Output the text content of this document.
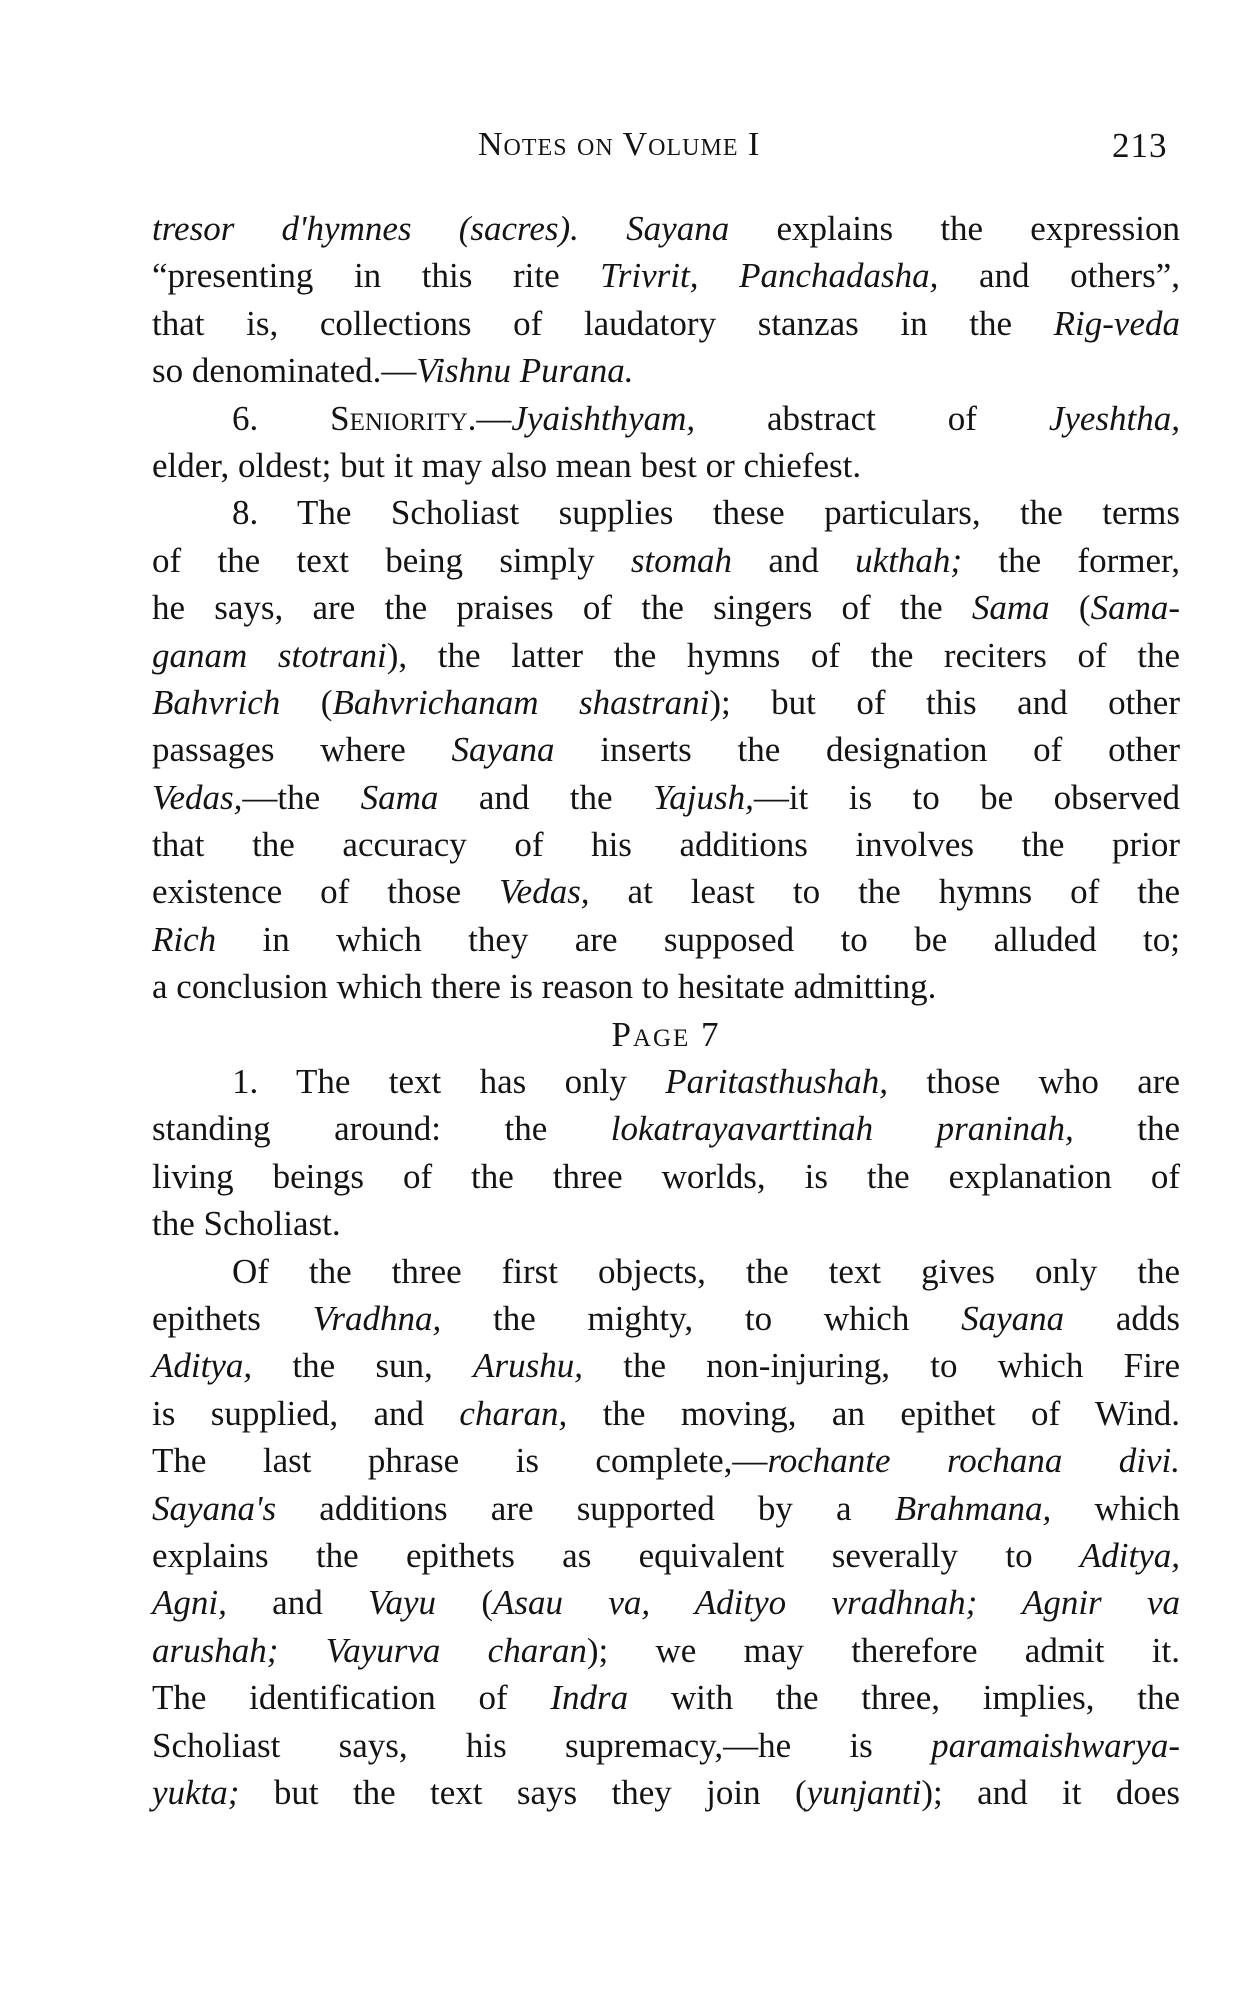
Notes on Volume I	213
tresor d'hymnes (sacres). Sayana explains the expression
“presenting in this rite Trivrit, Panchadasha, and others”,
that is, collections of laudatory stanzas in the Rig-veda
so denominated.—Vishnu Purana.
6. Seniority.—Jyaishthyam, abstract of Jyeshtha,
elder, oldest; but it may also mean best or chiefest.
8. The Scholiast supplies these particulars, the terms
of the text being simply stomah and ukthah; the former,
he says, are the praises of the singers of the Sama (Sama-
ganam stotrani), the latter the hymns of the reciters of the
Bahvrich (Bahvrichanam shastrani); but of this and other
passages where Sayana inserts the designation of other
Vedas,—the Sama and the Yajush,—it is to be observed
that the accuracy of his additions involves the prior
existence of those Vedas, at least to the hymns of the
Rich in which they are supposed to be alluded to;
a conclusion which there is reason to hesitate admitting.
Page 7
1. The text has only Paritasthushah, those who are
standing around: the lokatrayavarttinah praninah, the
living beings of the three worlds, is the explanation of
the Scholiast.
Of the three first objects, the text gives only the
epithets Vradhna, the mighty, to which Sayana adds
Aditya, the sun, Arushu, the non-injuring, to which Fire
is supplied, and charan, the moving, an epithet of Wind.
The last phrase is complete,—rochante rochana divi.
Sayana's additions are supported by a Brahmana, which
explains the epithets as equivalent severally to Aditya,
Agni, and Vayu (Asau va, Adityo vradhnah; Agnir va
arushah; Vayurva charan); we may therefore admit it.
The identification of Indra with the three, implies, the
Scholiast says, his supremacy,—he is paramaishwarya-
yukta; but the text says they join (yunjanti); and it does
